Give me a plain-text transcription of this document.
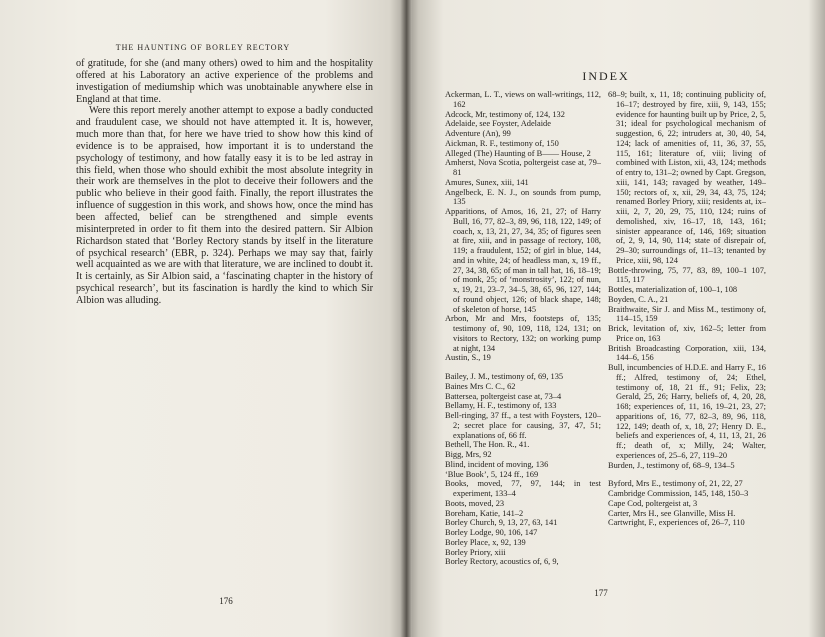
THE HAUNTING OF BORLEY RECTORY

of gratitude, for she (and many others) owed to him and the hospitality offered at his Laboratory an active experience of the problems and investigation of mediumship which was unobtainable anywhere else in England at that time.

Were this report merely another attempt to expose a badly conducted and fraudulent case, we should not have attempted it. It is, however, much more than that, for here we have tried to show how this kind of evidence is to be appraised, how important it is to understand the psychology of testimony, and how fatally easy it is to be led astray in this field, when those who should exhibit the most absolute integrity in their work are themselves in the plot to deceive their followers and the public who believe in their good faith. Finally, the report illustrates the influence of suggestion in this work, and shows how, once the mind has been affected, belief can be strengthened and simple events misinterpreted in order to fit them into the desired pattern. Sir Albion Richardson stated that ‘Borley Rectory stands by itself in the literature of psychical research’ (EBR, p. 324). Perhaps we may say that, fairly well acquainted as we are with that literature, we are inclined to doubt it. It is certainly, as Sir Albion said, a ‘fascinating chapter in the history of psychical research’, but its fascination is hardly the kind to which Sir Albion was alluding.

176
INDEX

Ackerman, L. T., views on wall-writings, 112, 162

Adcock, Mr, testimony of, 124, 132

Adelaide, see Foyster, Adelaide

Adventure (An), 99

Aickman, R. F., testimony of, 150

Alleged (The) Haunting of B—— House, 2

Amherst, Nova Scotia, poltergeist case at, 79–81

Amures, Sunex, xiii, 141

Angelbeck, E. N. J., on sounds from pump, 135

Apparitions, of Amos, 16, 21, 27; of Harry Bull, 16, 77, 82–3, 89, 96, 118, 122, 149; of coach, x, 13, 21, 27, 34, 35; of figures seen at fire, xiii, and in passage of rectory, 108, 119; a fraudulent, 152; of girl in blue, 144, and in white, 24; of headless man, x, 19 ff., 27, 34, 38, 65; of man in tall hat, 16, 18–19; of monk, 25; of ‘monstrosity’, 122; of nun, x, 19, 21, 23–7, 34–5, 38, 65, 96, 127, 144; of round object, 126; of black shape, 148; of skeleton of horse, 145

Arbon, Mr and Mrs, footsteps of, 135; testimony of, 90, 109, 118, 124, 131; on visitors to Rectory, 132; on working pump at night, 134

Austin, S., 19

Bailey, J. M., testimony of, 69, 135

Baines Mrs C. C., 62

Battersea, poltergeist case at, 73–4

Bellamy, H. F., testimony of, 133

Bell-ringing, 37 ff., a test with Foysters, 120–2; secret place for causing, 37, 47, 51; explanations of, 66 ff.

Bethell, The Hon. R., 41.

Bigg, Mrs, 92

Blind, incident of moving, 136

‘Blue Book’, 5, 124 ff., 169

Books, moved, 77, 97, 144; in test experiment, 133–4

Boots, moved, 23

Boreham, Katie, 141–2

Borley Church, 9, 13, 27, 63, 141

Borley Lodge, 90, 106, 147

Borley Place, x, 92, 139

Borley Priory, xiii

Borley Rectory, acoustics of, 6, 9,

68–9; built, x, 11, 18; continuing publicity of, 16–17; destroyed by fire, xiii, 9, 143, 155; evidence for haunting built up by Price, 2, 5, 31; ideal for psychological mechanism of suggestion, 6, 22; intruders at, 30, 40, 54, 124; lack of amenities of, 11, 36, 37, 55, 115, 161; literature of, viii; living of combined with Liston, xii, 43, 124; methods of entry to, 131–2; owned by Capt. Gregson, xiii, 141, 143; ravaged by weather, 149–150; rectors of, x, xii, 29, 34, 43, 75, 124; renamed Borley Priory, xiii; residents at, ix–xiii, 2, 7, 20, 29, 75, 110, 124; ruins of demolished, xiv, 16–17, 18, 143, 161; sinister appearance of, 146, 169; situation of, 2, 9, 14, 90, 114; state of disrepair of, 29–30; surroundings of, 11–13; tenanted by Price, xiii, 98, 124

Bottle-throwing, 75, 77, 83, 89, 100–1 107, 115, 117

Bottles, materialization of, 100–1, 108

Boyden, C. A., 21

Braithwaite, Sir J. and Miss M., testimony of, 114–15, 159

Brick, levitation of, xiv, 162–5; letter from Price on, 163

British Broadcasting Corporation, xiii, 134, 144–6, 156

Bull, incumbencies of H.D.E. and Harry F., 16 ff.; Alfred, testimony of, 24; Ethel, testimony of, 18, 21 ff., 91; Felix, 23; Gerald, 25, 26; Harry, beliefs of, 4, 20, 28, 168; experiences of, 11, 16, 19–21, 23, 27; apparitions of, 16, 77, 82–3, 89, 96, 118, 122, 149; death of, x, 18, 27; Henry D. E., beliefs and experiences of, 4, 11, 13, 21, 26 ff.; death of, x; Milly, 24; Walter, experiences of, 25–6, 27, 119–20

Burden, J., testimony of, 68–9, 134–5

Byford, Mrs E., testimony of, 21, 22, 27

Cambridge Commission, 145, 148, 150–3

Cape Cod, poltergeist at, 3

Carter, Mrs H., see Glanville, Miss H.

Cartwright, F., experiences of, 26–7, 110

177
